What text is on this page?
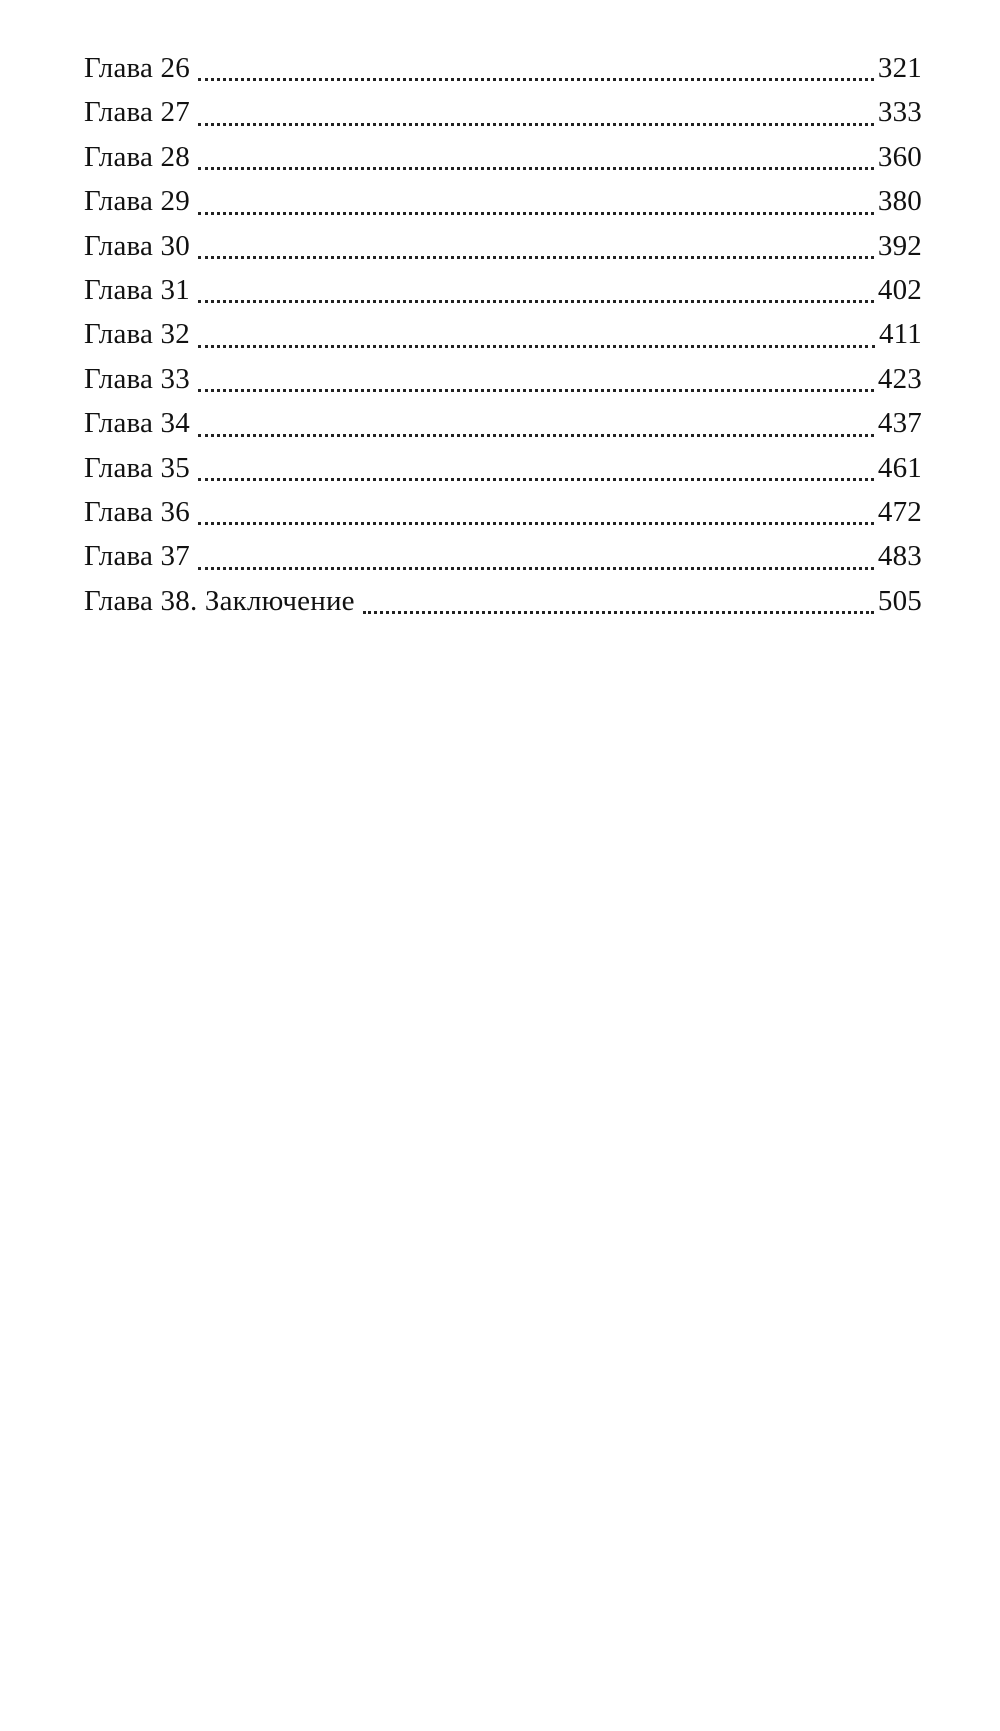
Глава 26	321
Глава 27	333
Глава 28	360
Глава 29	380
Глава 30	392
Глава 31	402
Глава 32	411
Глава 33	423
Глава 34	437
Глава 35	461
Глава 36	472
Глава 37	483
Глава 38. Заключение	505
